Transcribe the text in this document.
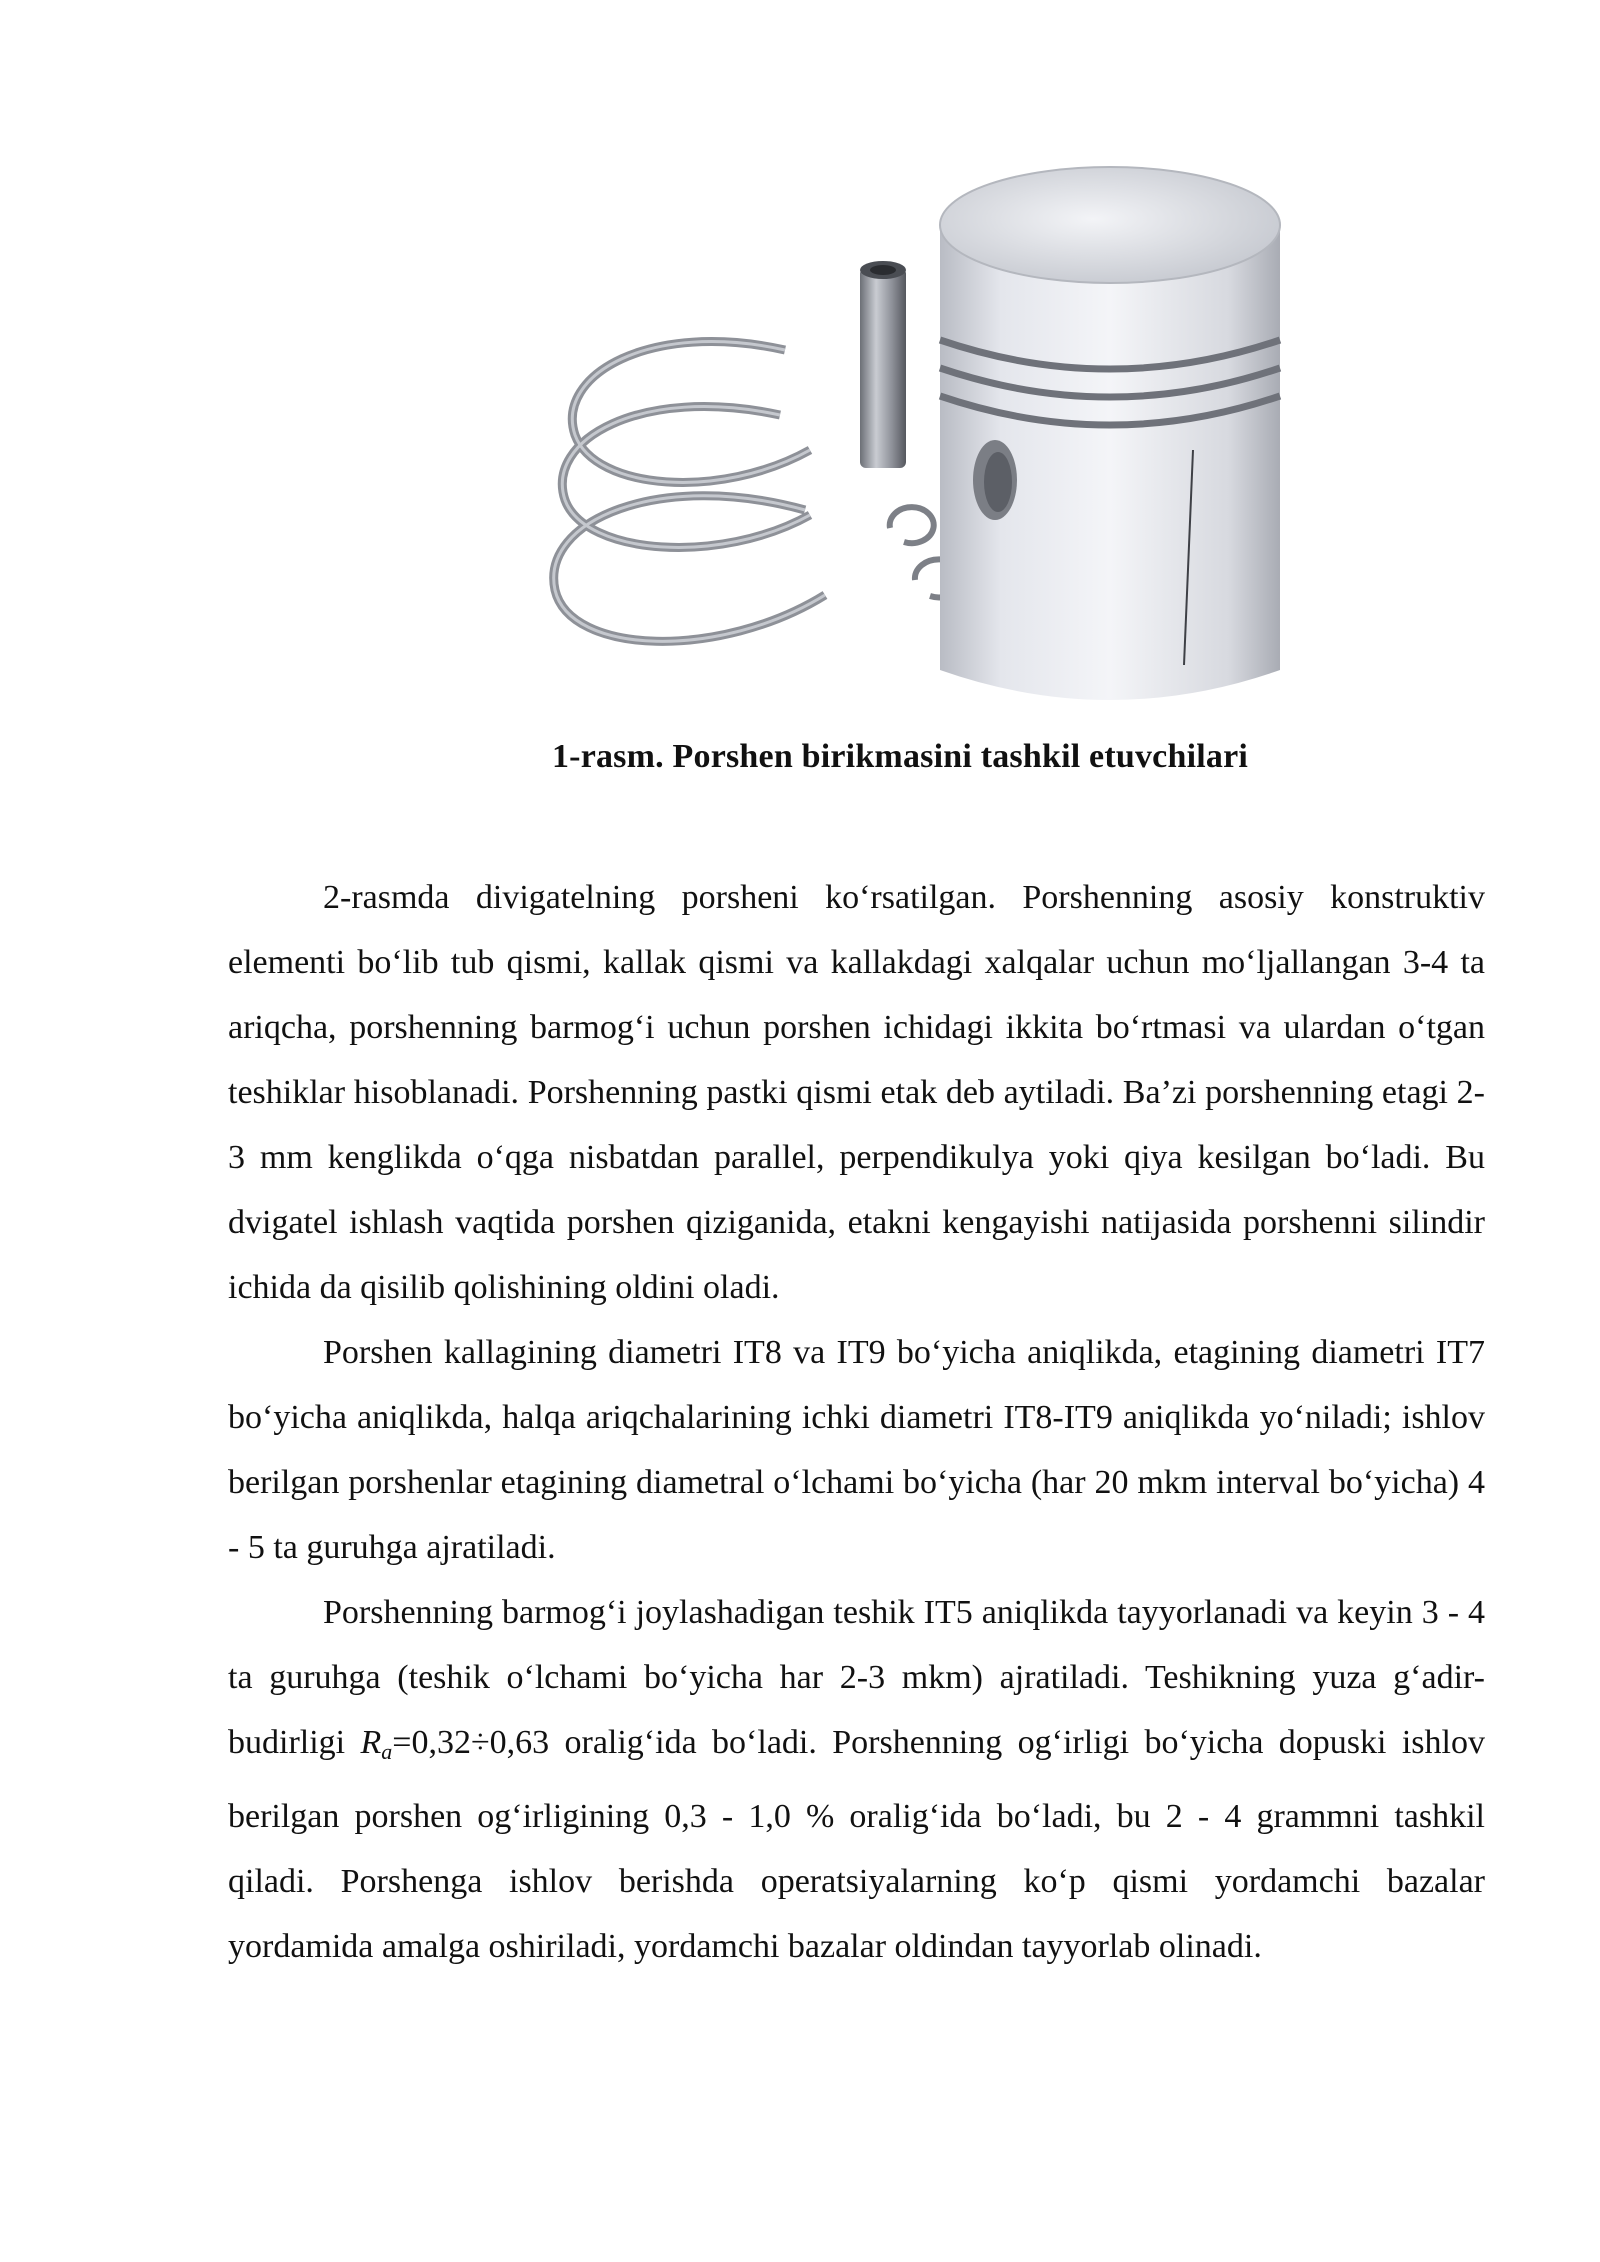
1-rasm. Porshen birikmasini tashkil etuvchilari

2-rasmda divigatelning porsheni ko‘rsatilgan. Porshenning asosiy konstruktiv elementi bo‘lib tub qismi, kallak qismi va kallakdagi xalqalar uchun mo‘ljallangan 3-4 ta ariqcha, porshenning barmog‘i uchun porshen ichidagi ikkita bo‘rtmasi va ulardan o‘tgan teshiklar hisoblanadi. Porshenning pastki qismi etak deb aytiladi. Ba’zi porshenning etagi 2-3 mm kenglikda o‘qga nisbatdan parallel, perpendikulya yoki qiya kesilgan bo‘ladi. Bu dvigatel ishlash vaqtida porshen qiziganida, etakni kengayishi natijasida porshenni silindir ichida da qisilib qolishining oldini oladi.

Porshen kallagining diametri IT8 va IT9 bo‘yicha aniqlikda, etagining diametri IT7 bo‘yicha aniqlikda, halqa ariqchalarining ichki diametri IT8-IT9 aniqlikda yo‘niladi; ishlov berilgan porshenlar etagining diametral o‘lchami bo‘yicha (har 20 mkm interval bo‘yicha) 4 - 5 ta guruhga ajratiladi.

Porshenning barmog‘i joylashadigan teshik IT5 aniqlikda tayyorlanadi va keyin 3 - 4 ta guruhga (teshik o‘lchami bo‘yicha har 2-3 mkm) ajratiladi. Teshikning yuza g‘adir-budirligi $R_a=0,32\div 0,63$ oralig‘ida bo‘ladi. Porshenning og‘irligi bo‘yicha dopuski ishlov berilgan porshen og‘irligining 0,3 - 1,0 % oralig‘ida bo‘ladi, bu 2 - 4 grammni tashkil qiladi. Porshenga ishlov berishda operatsiyalarning ko‘p qismi yordamchi bazalar yordamida amalga oshiriladi, yordamchi bazalar oldindan tayyorlab olinadi.
